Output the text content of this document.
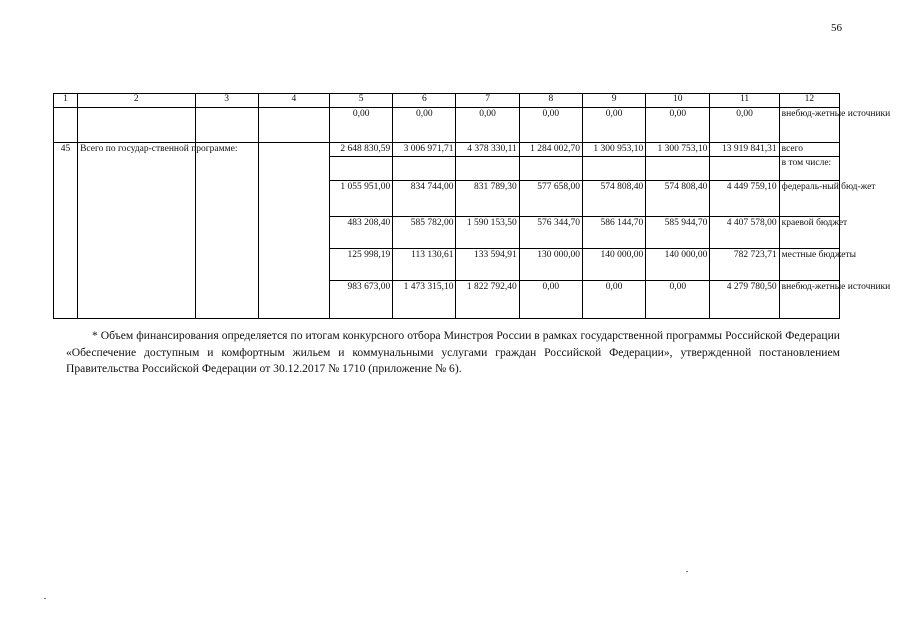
56
1	2	3	4	5	6	7	8	9	10	11	12
				0,00	0,00	0,00	0,00	0,00	0,00	0,00	внебюд-жетные источники
45	Всего по государ-ственной программе:			2 648 830,59	3 006 971,71	4 378 330,11	1 284 002,70	1 300 953,10	1 300 753,10	13 919 841,31	всего
											в том числе:
				1 055 951,00	834 744,00	831 789,30	577 658,00	574 808,40	574 808,40	4 449 759,10	федераль-ный бюд-жет
				483 208,40	585 782,00	1 590 153,50	576 344,70	586 144,70	585 944,70	4 407 578,00	краевой бюджет
				125 998,19	113 130,61	133 594,91	130 000,00	140 000,00	140 000,00	782 723,71	местные бюджеты
				983 673,00	1 473 315,10	1 822 792,40	0,00	0,00	0,00	4 279 780,50	внебюд-жетные источники
* Объем финансирования определяется по итогам конкурсного отбора Минстроя России в рамках государственной программы Российской Федерации «Обеспечение доступным и комфортным жильем и коммунальными услугами граждан Российской Федерации», утвержденной постановлением Правительства Российской Федерации от 30.12.2017 № 1710 (приложение № 6).
